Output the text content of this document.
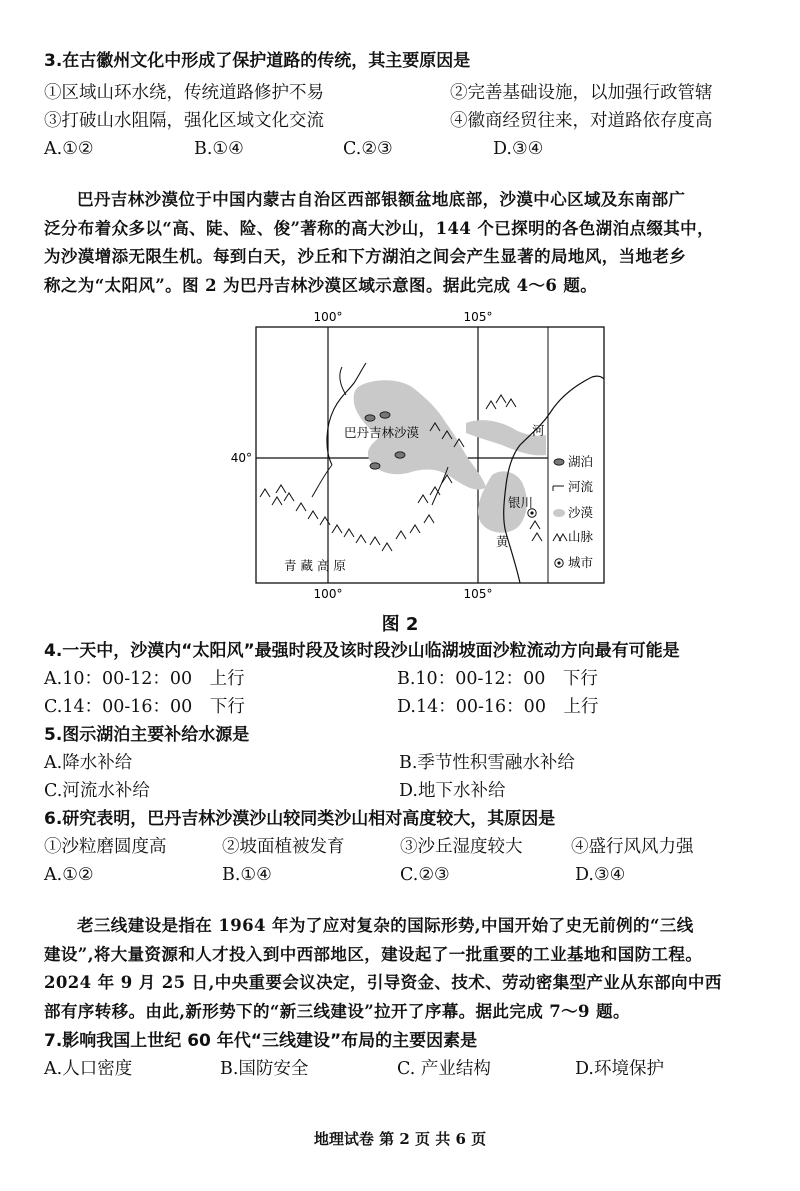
3.在古徽州文化中形成了保护道路的传统，其主要原因是
①区域山环水绕，传统道路修护不易	②完善基础设施，以加强行政管辖
③打破山水阻隔，强化区域文化交流	④徽商经贸往来，对道路依存度高
A.①②	B.①④	C.②③	D.③④
巴丹吉林沙漠位于中国内蒙古自治区西部银额盆地底部，沙漠中心区域及东南部广
泛分布着众多以“高、陡、险、俊”著称的高大沙山，144 个已探明的各色湖泊点缀其中，
为沙漠增添无限生机。每到白天，沙丘和下方湖泊之间会产生显著的局地风，当地老乡
称之为“太阳风”。图 2 为巴丹吉林沙漠区域示意图。据此完成 4～6 题。
100°	105°
100°	105°
40°
巴丹吉林沙漠
青 藏 高 原
银川
河
黄
湖泊
河流
沙漠
山脉
城市
图 2
4.一天中，沙漠内“太阳风”最强时段及该时段沙山临湖坡面沙粒流动方向最有可能是
A.10：00-12：00　上行	B.10：00-12：00　下行
C.14：00-16：00　下行	D.14：00-16：00　上行
5.图示湖泊主要补给水源是
A.降水补给	B.季节性积雪融水补给
C.河流水补给	D.地下水补给
6.研究表明，巴丹吉林沙漠沙山较同类沙山相对高度较大，其原因是
①沙粒磨圆度高	②坡面植被发育	③沙丘湿度较大	④盛行风风力强
A.①②	B.①④	C.②③	D.③④
老三线建设是指在 1964 年为了应对复杂的国际形势,中国开始了史无前例的“三线
建设”,将大量资源和人才投入到中西部地区，建设起了一批重要的工业基地和国防工程。
2024 年 9 月 25 日,中央重要会议决定，引导资金、技术、劳动密集型产业从东部向中西
部有序转移。由此,新形势下的“新三线建设”拉开了序幕。据此完成 7～9 题。
7.影响我国上世纪 60 年代“三线建设”布局的主要因素是
A.人口密度	B.国防安全	C. 产业结构	D.环境保护
地理试卷 第 2 页 共 6 页
